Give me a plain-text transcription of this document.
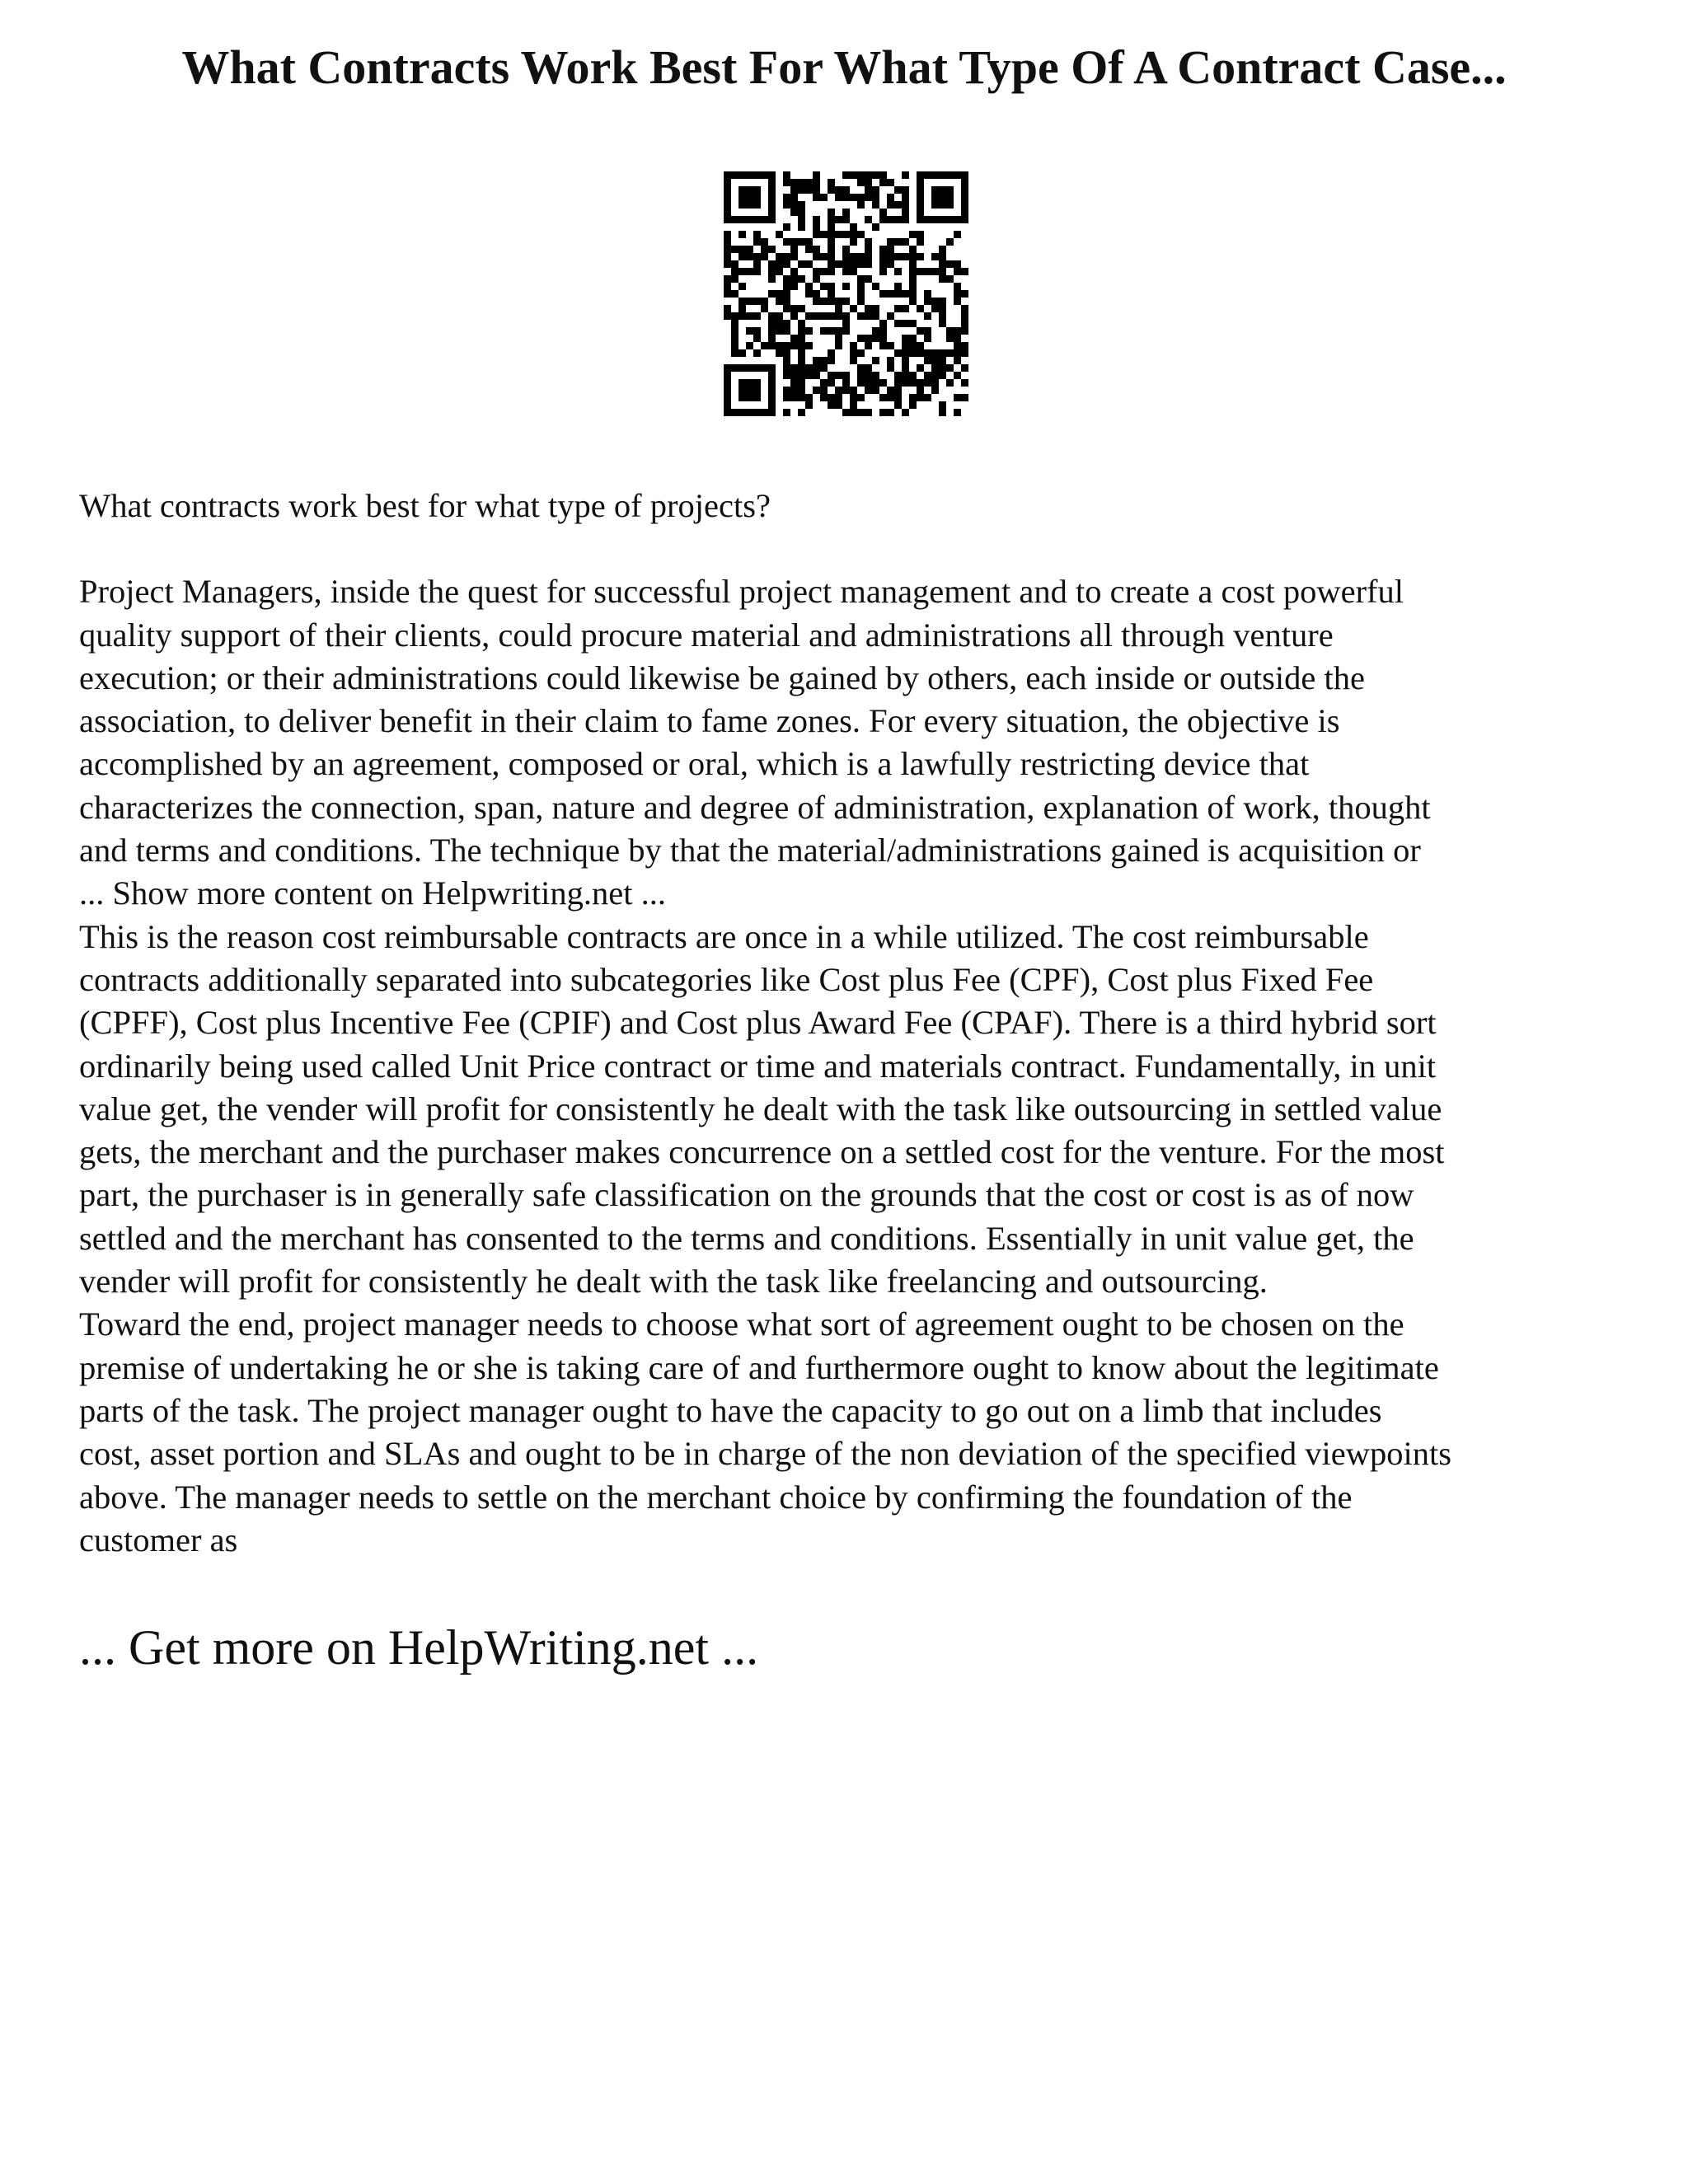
What Contracts Work Best For What Type Of A Contract Case...

What contracts work best for what type of projects?

Project Managers, inside the quest for successful project management and to create a cost powerful
quality support of their clients, could procure material and administrations all through venture
execution; or their administrations could likewise be gained by others, each inside or outside the
association, to deliver benefit in their claim to fame zones. For every situation, the objective is
accomplished by an agreement, composed or oral, which is a lawfully restricting device that
characterizes the connection, span, nature and degree of administration, explanation of work, thought
and terms and conditions. The technique by that the material/administrations gained is acquisition or

... Show more content on Helpwriting.net ...

This is the reason cost reimbursable contracts are once in a while utilized. The cost reimbursable
contracts additionally separated into subcategories like Cost plus Fee (CPF), Cost plus Fixed Fee
(CPFF), Cost plus Incentive Fee (CPIF) and Cost plus Award Fee (CPAF). There is a third hybrid sort
ordinarily being used called Unit Price contract or time and materials contract. Fundamentally, in unit
value get, the vender will profit for consistently he dealt with the task like outsourcing in settled value
gets, the merchant and the purchaser makes concurrence on a settled cost for the venture. For the most
part, the purchaser is in generally safe classification on the grounds that the cost or cost is as of now
settled and the merchant has consented to the terms and conditions. Essentially in unit value get, the
vender will profit for consistently he dealt with the task like freelancing and outsourcing.

Toward the end, project manager needs to choose what sort of agreement ought to be chosen on the
premise of undertaking he or she is taking care of and furthermore ought to know about the legitimate
parts of the task. The project manager ought to have the capacity to go out on a limb that includes
cost, asset portion and SLAs and ought to be in charge of the non deviation of the specified viewpoints
above. The manager needs to settle on the merchant choice by confirming the foundation of the
customer as

... Get more on HelpWriting.net ...
